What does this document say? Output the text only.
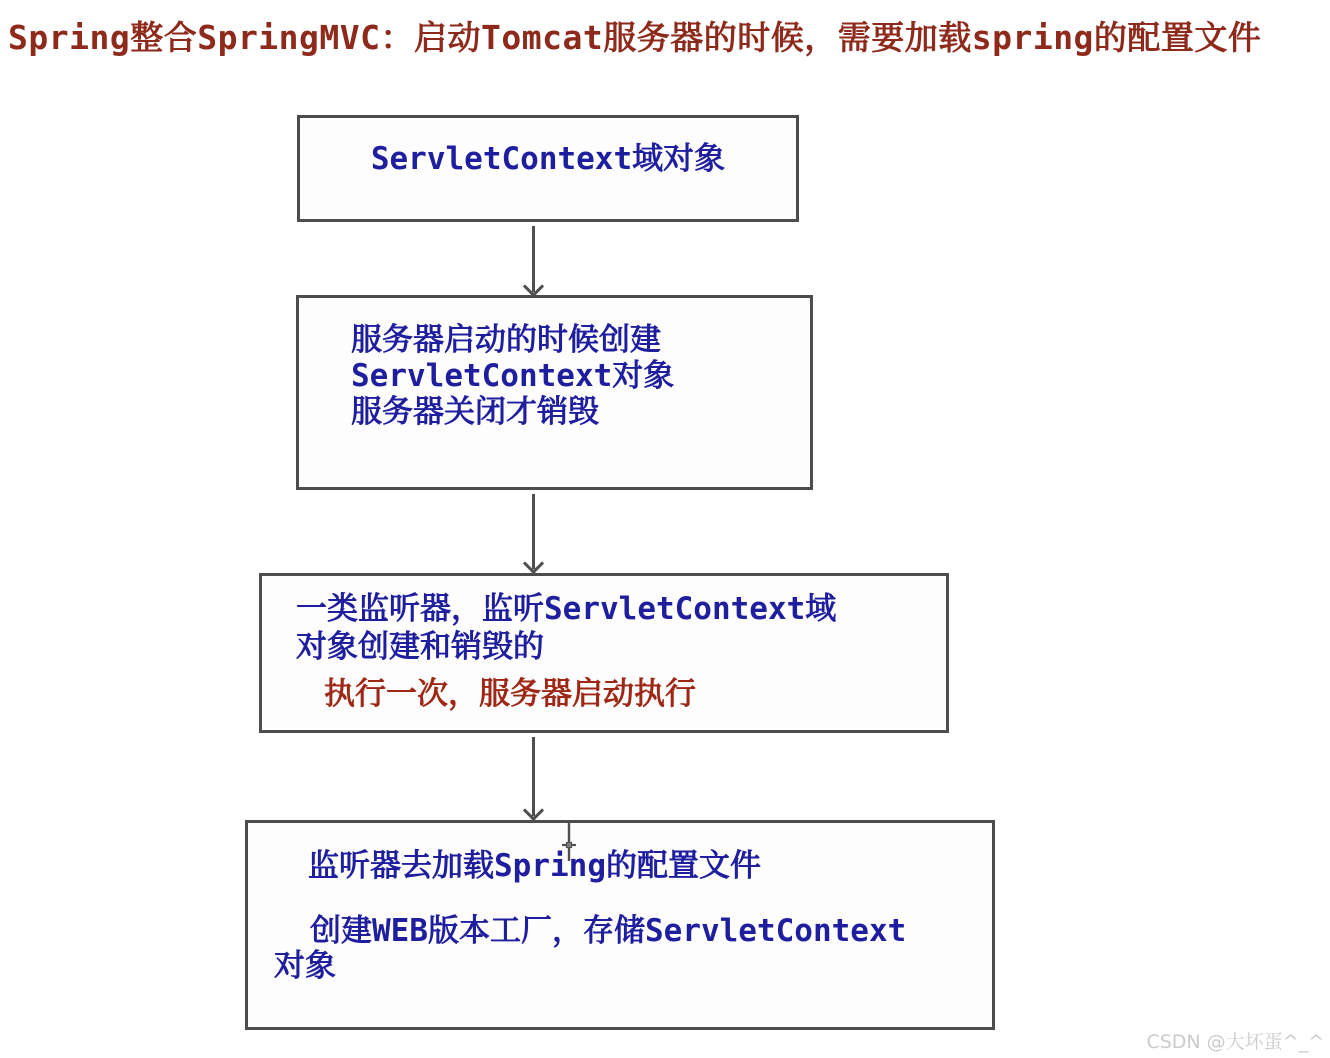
Spring整合SpringMVC：启动Tomcat服务器的时候，需要加载spring的配置文件
ServletContext域对象
服务器启动的时候创建
ServletContext对象
服务器关闭才销毁
一类监听器，监听ServletContext域
对象创建和销毁的
执行一次，服务器启动执行
监听器去加载Spring的配置文件
创建WEB版本工厂，存储ServletContext
对象
CSDN @大坏蛋^_^
